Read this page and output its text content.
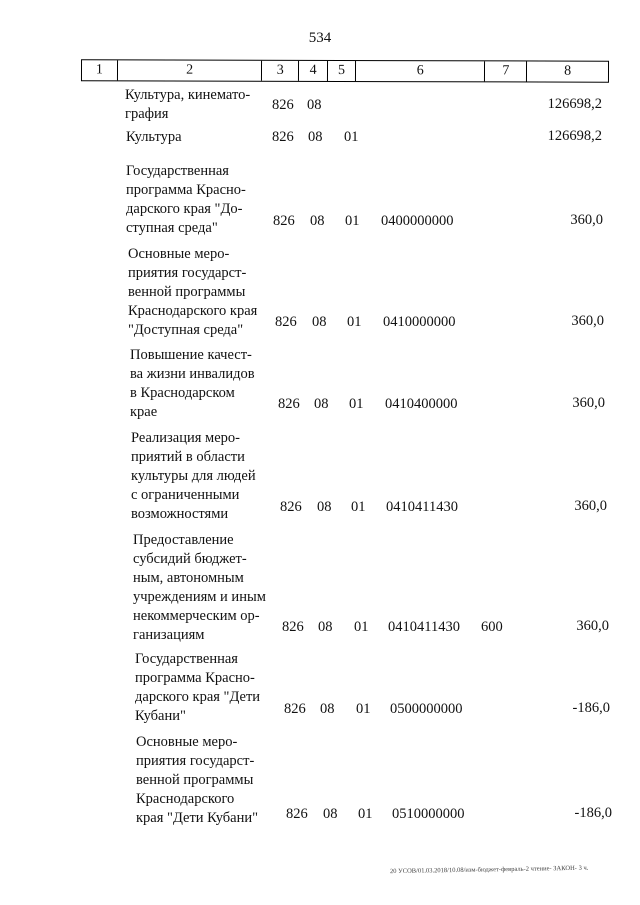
534
1	2	3	4	5	6	7	8
Культура, кинемато-
графия
826 08	126698,2
Культура	826 08 01	126698,2
Государственная
программа Красно-
дарского края "До-
ступная среда"	826 08 01 0400000000	360,0
Основные меро-
приятия государст-
венной программы
Краснодарского края
"Доступная среда"	826 08 01 0410000000	360,0
Повышение качест-
ва жизни инвалидов
в Краснодарском
крае	826 08 01 0410400000	360,0
Реализация меро-
приятий в области
культуры для людей
с ограниченными
возможностями	826 08 01 0410411430	360,0
Предоставление
субсидий бюджет-
ным, автономным
учреждениям и иным
некоммерческим ор-
ганизациям	826 08 01 0410411430 600	360,0
Государственная
программа Красно-
дарского края "Дети
Кубани"	826 08 01 0500000000	-186,0
Основные меро-
приятия государст-
венной программы
Краснодарского
края "Дети Кубани"	826 08 01 0510000000	-186,0
20 УСОВ/01.03.2018/10.08/изм-бюджет-февраль-2 чтение- ЗАКОН- 3 ч.
